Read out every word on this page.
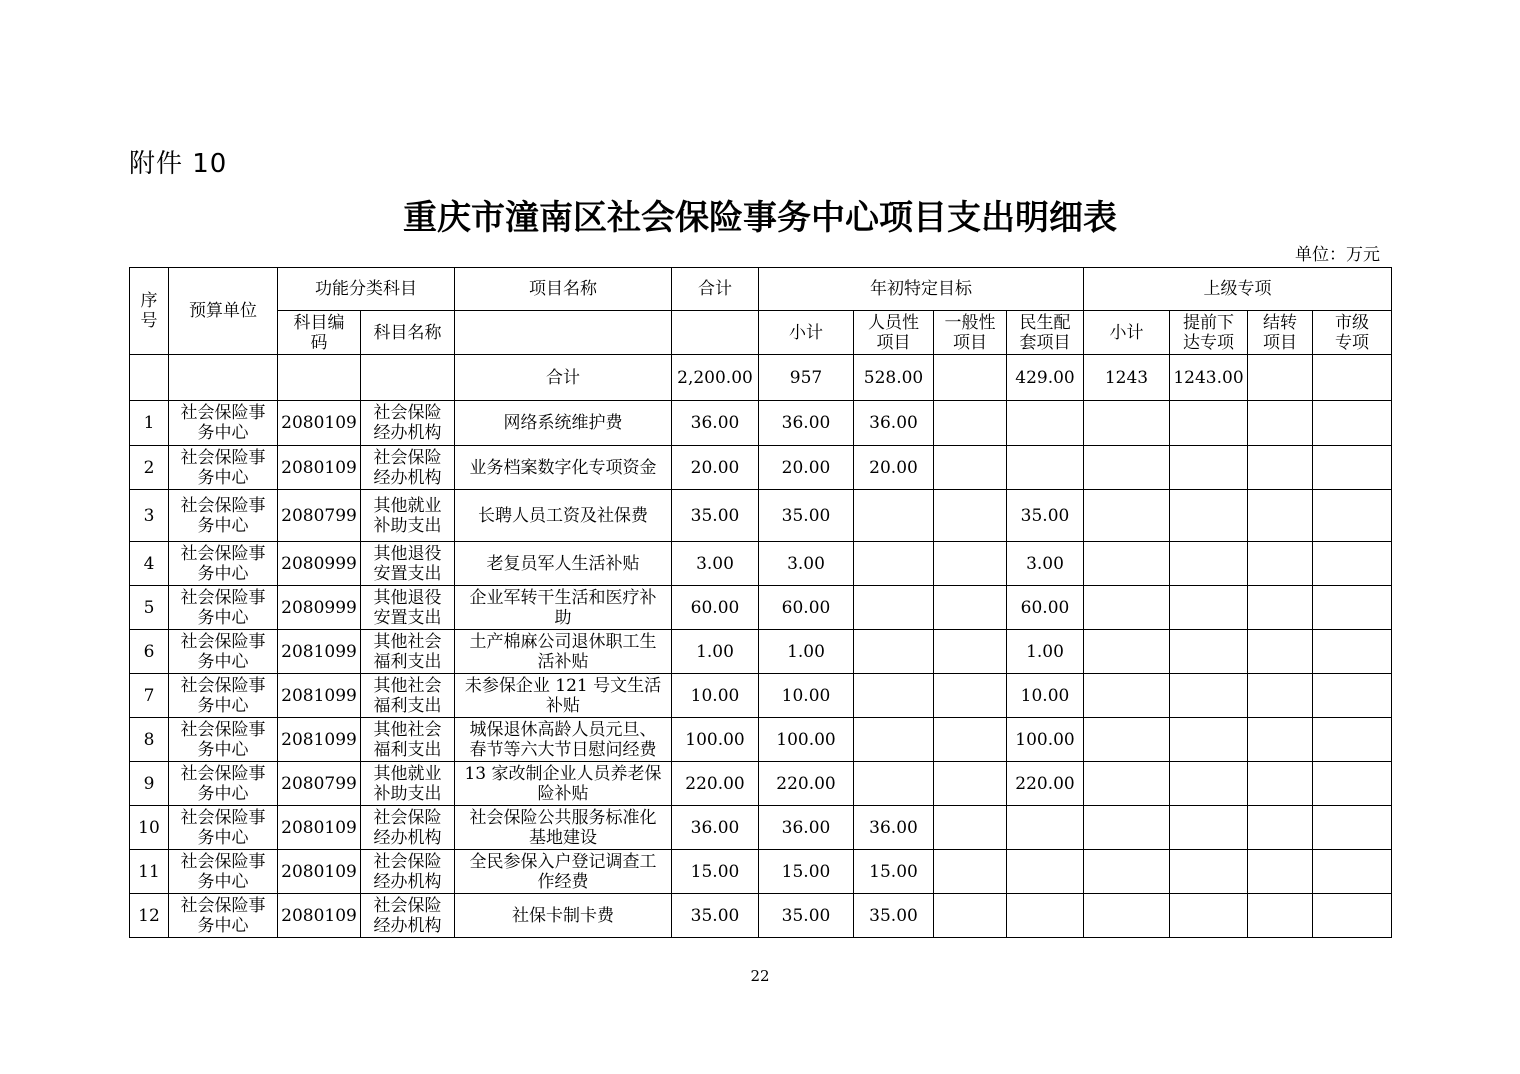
附件 10
重庆市潼南区社会保险事务中心项目支出明细表
单位：万元
序号	预算单位	功能分类科目		项目名称	合计	年初特定目标				上级专项			
		科目编码	科目名称			小计	人员性项目	一般性项目	民生配套项目	小计	提前下达专项	结转项目	市级专项
				合计	2,200.00	957	528.00		429.00	1243	1243.00		
1	社会保险事务中心	2080109	社会保险经办机构	网络系统维护费	36.00	36.00	36.00						
2	社会保险事务中心	2080109	社会保险经办机构	业务档案数字化专项资金	20.00	20.00	20.00						
3	社会保险事务中心	2080799	其他就业补助支出	长聘人员工资及社保费	35.00	35.00			35.00				
4	社会保险事务中心	2080999	其他退役安置支出	老复员军人生活补贴	3.00	3.00			3.00				
5	社会保险事务中心	2080999	其他退役安置支出	企业军转干生活和医疗补助	60.00	60.00			60.00				
6	社会保险事务中心	2081099	其他社会福利支出	土产棉麻公司退休职工生活补贴	1.00	1.00			1.00				
7	社会保险事务中心	2081099	其他社会福利支出	未参保企业 121 号文生活补贴	10.00	10.00			10.00				
8	社会保险事务中心	2081099	其他社会福利支出	城保退休高龄人员元旦、春节等六大节日慰问经费	100.00	100.00			100.00				
9	社会保险事务中心	2080799	其他就业补助支出	13 家改制企业人员养老保险补贴	220.00	220.00			220.00				
10	社会保险事务中心	2080109	社会保险经办机构	社会保险公共服务标准化基地建设	36.00	36.00	36.00						
11	社会保险事务中心	2080109	社会保险经办机构	全民参保入户登记调查工作经费	15.00	15.00	15.00						
12	社会保险事务中心	2080109	社会保险经办机构	社保卡制卡费	35.00	35.00	35.00						
22
